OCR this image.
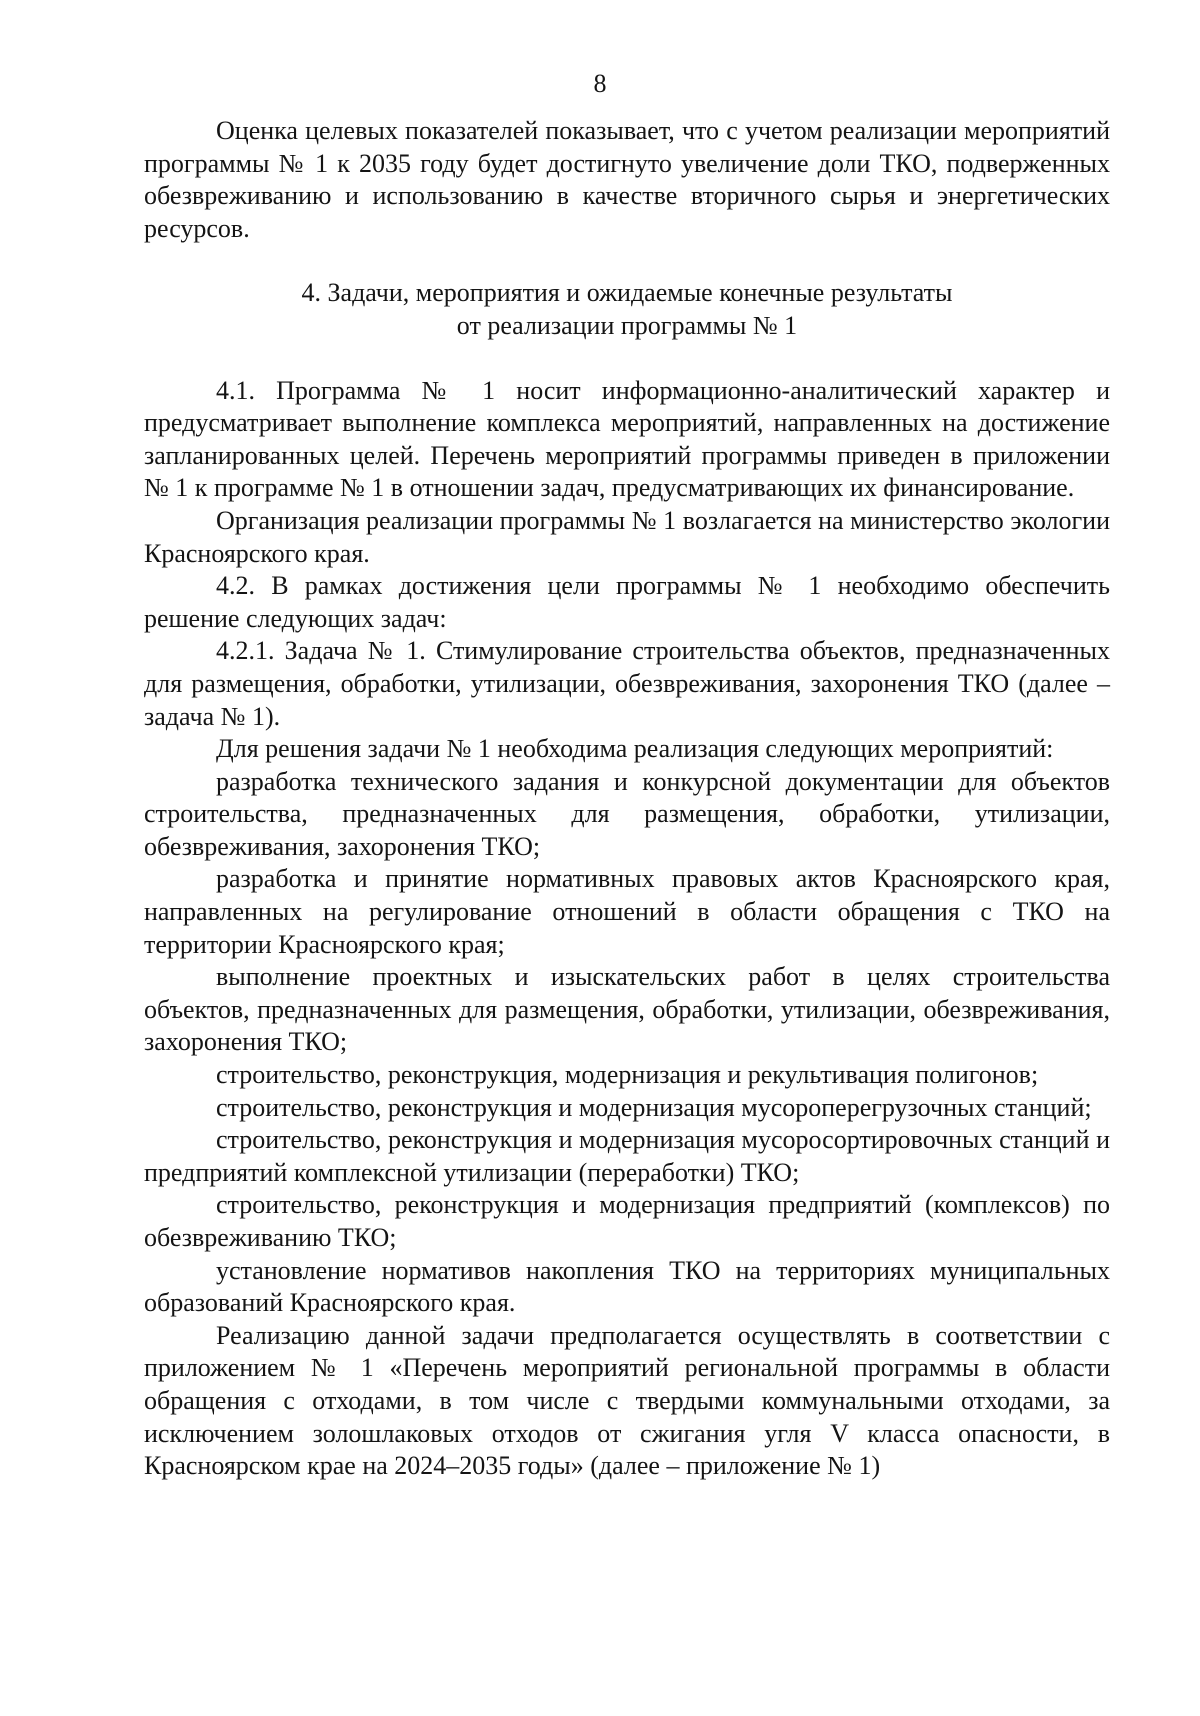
8

Оценка целевых показателей показывает, что с учетом реализации мероприятий программы № 1 к 2035 году будет достигнуто увеличение доли ТКО, подверженных обезвреживанию и использованию в качестве вторичного сырья и энергетических ресурсов.

4. Задачи, мероприятия и ожидаемые конечные результаты
от реализации программы № 1

4.1. Программа № 1 носит информационно-аналитический характер и предусматривает выполнение комплекса мероприятий, направленных на достижение запланированных целей. Перечень мероприятий программы приведен в приложении № 1 к программе № 1 в отношении задач, предусматривающих их финансирование.

Организация реализации программы № 1 возлагается на министерство экологии Красноярского края.

4.2. В рамках достижения цели программы № 1 необходимо обеспечить решение следующих задач:

4.2.1. Задача № 1. Стимулирование строительства объектов, предназначенных для размещения, обработки, утилизации, обезвреживания, захоронения ТКО (далее – задача № 1).

Для решения задачи № 1 необходима реализация следующих мероприятий:

разработка технического задания и конкурсной документации для объектов строительства, предназначенных для размещения, обработки, утилизации, обезвреживания, захоронения ТКО;

разработка и принятие нормативных правовых актов Красноярского края, направленных на регулирование отношений в области обращения с ТКО на территории Красноярского края;

выполнение проектных и изыскательских работ в целях строительства объектов, предназначенных для размещения, обработки, утилизации, обезвреживания, захоронения ТКО;

строительство, реконструкция, модернизация и рекультивация полигонов;

строительство, реконструкция и модернизация мусороперегрузочных станций;

строительство, реконструкция и модернизация мусоросортировочных станций и предприятий комплексной утилизации (переработки) ТКО;

строительство, реконструкция и модернизация предприятий (комплексов) по обезвреживанию ТКО;

установление нормативов накопления ТКО на территориях муниципальных образований Красноярского края.

Реализацию данной задачи предполагается осуществлять в соответствии с приложением № 1 «Перечень мероприятий региональной программы в области обращения с отходами, в том числе с твердыми коммунальными отходами, за исключением золошлаковых отходов от сжигания угля V класса опасности, в Красноярском крае на 2024–2035 годы» (далее – приложение № 1)
